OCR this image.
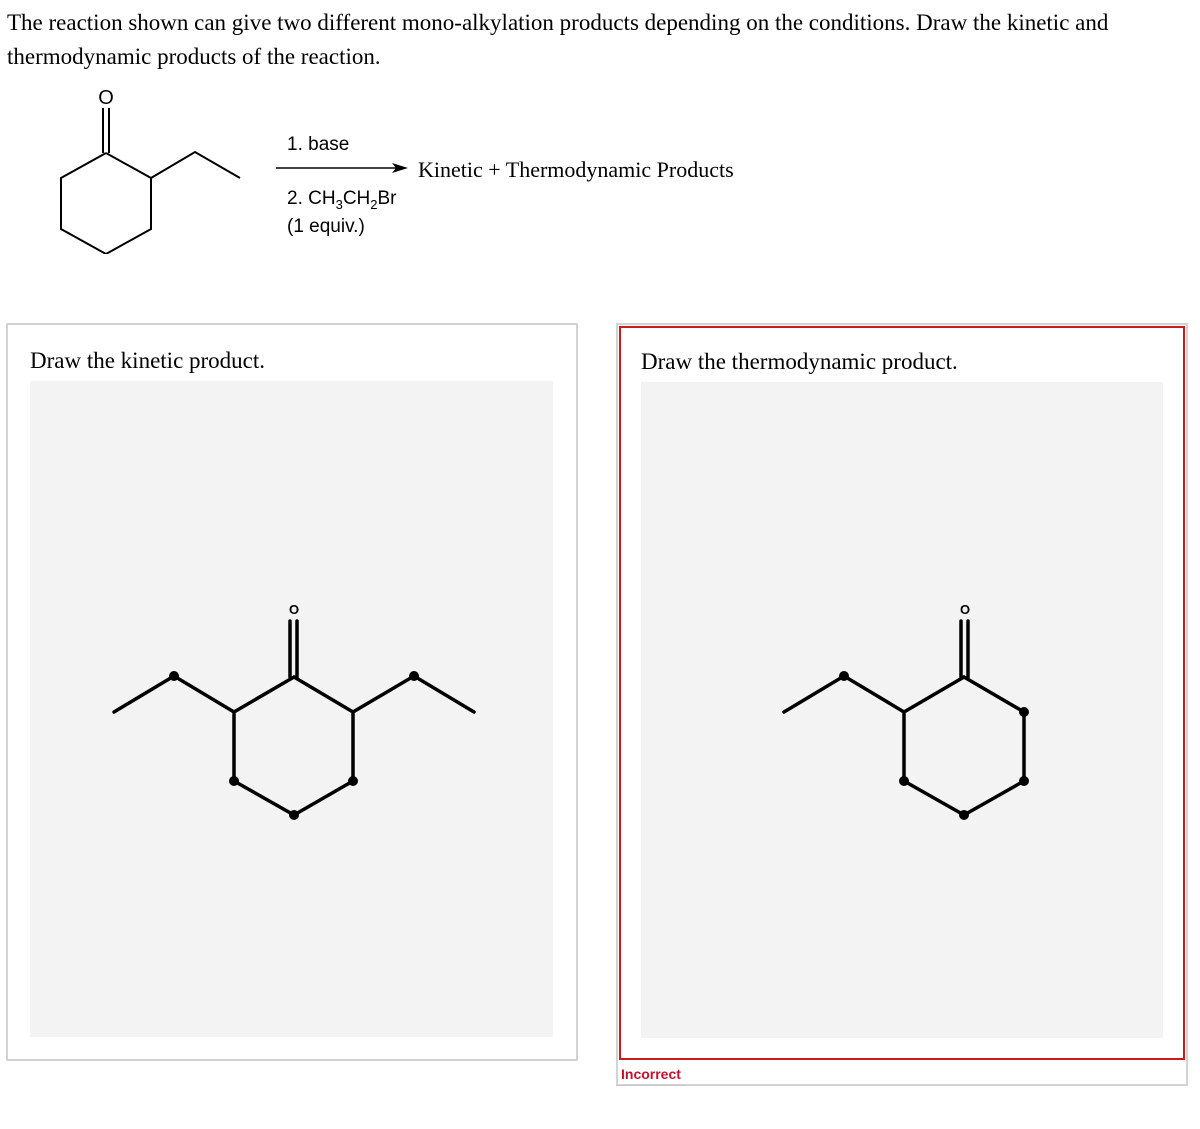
The reaction shown can give two different mono-alkylation products depending on the conditions. Draw the kinetic and thermodynamic products of the reaction.

O
1. base
Kinetic + Thermodynamic Products
2. $CH_3CH_2Br$
(1 equiv.)

Draw the kinetic product.

O

Draw the thermodynamic product.

O
Incorrect
